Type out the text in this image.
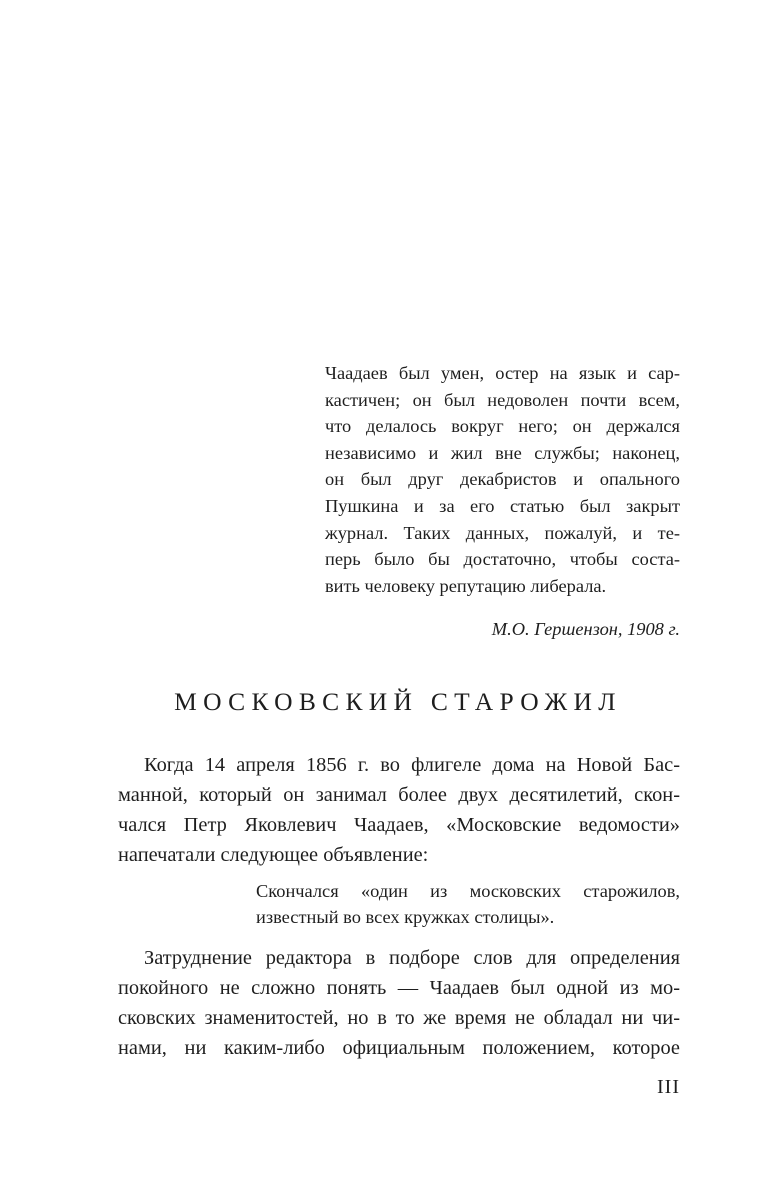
Чаадаев был умен, остер на язык и сар-
кастичен; он был недоволен почти всем,
что делалось вокруг него; он держался
независимо и жил вне службы; наконец,
он был друг декабристов и опального
Пушкина и за его статью был закрыт
журнал. Таких данных, пожалуй, и те-
перь было бы достаточно, чтобы соста-
вить человеку репутацию либерала.

М.О. Гершензон, 1908 г.

МОСКОВСКИЙ СТАРОЖИЛ

Когда 14 апреля 1856 г. во флигеле дома на Новой Бас-
манной, который он занимал более двух десятилетий, скон-
чался Петр Яковлевич Чаадаев, «Московские ведомости»
напечатали следующее объявление:

Скончался «один из московских старожилов,
известный во всех кружках столицы».

Затруднение редактора в подборе слов для определения
покойного не сложно понять — Чаадаев был одной из мо-
сковских знаменитостей, но в то же время не обладал ни чи-
нами, ни каким-либо официальным положением, которое

III
